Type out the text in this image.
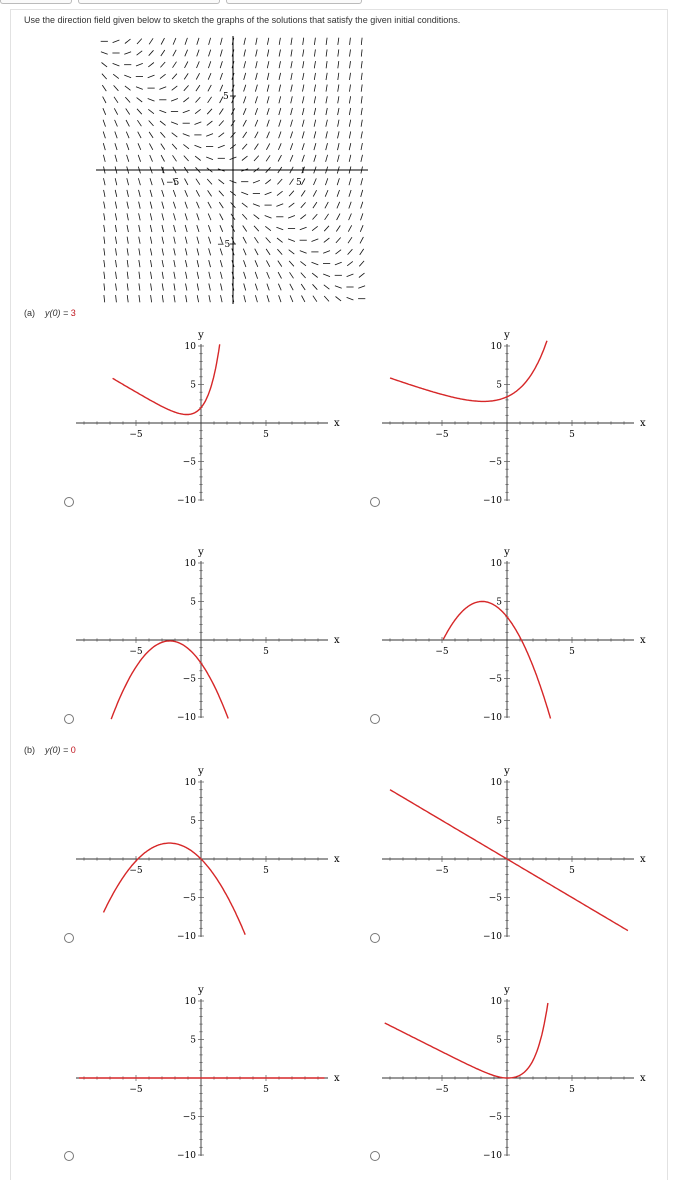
Use the direction field given below to sketch the graphs of the solutions that satisfy the given initial conditions.
−5	5
5
−5
(a) y(0) = 3
(b) y(0) = 0
−5	5
10
5
−5
−10
y
x
−5	5
10
5
−5
−10
y
x
−5	5
10
5
−5
−10
y
x
−5	5
10
5
−5
−10
y
x
−5	5
10
5
−5
−10
y
x
−5	5
10
5
−5
−10
y
x
−5	5
10
5
−5
−10
y
x
−5	5
10
5
−5
−10
y
x
